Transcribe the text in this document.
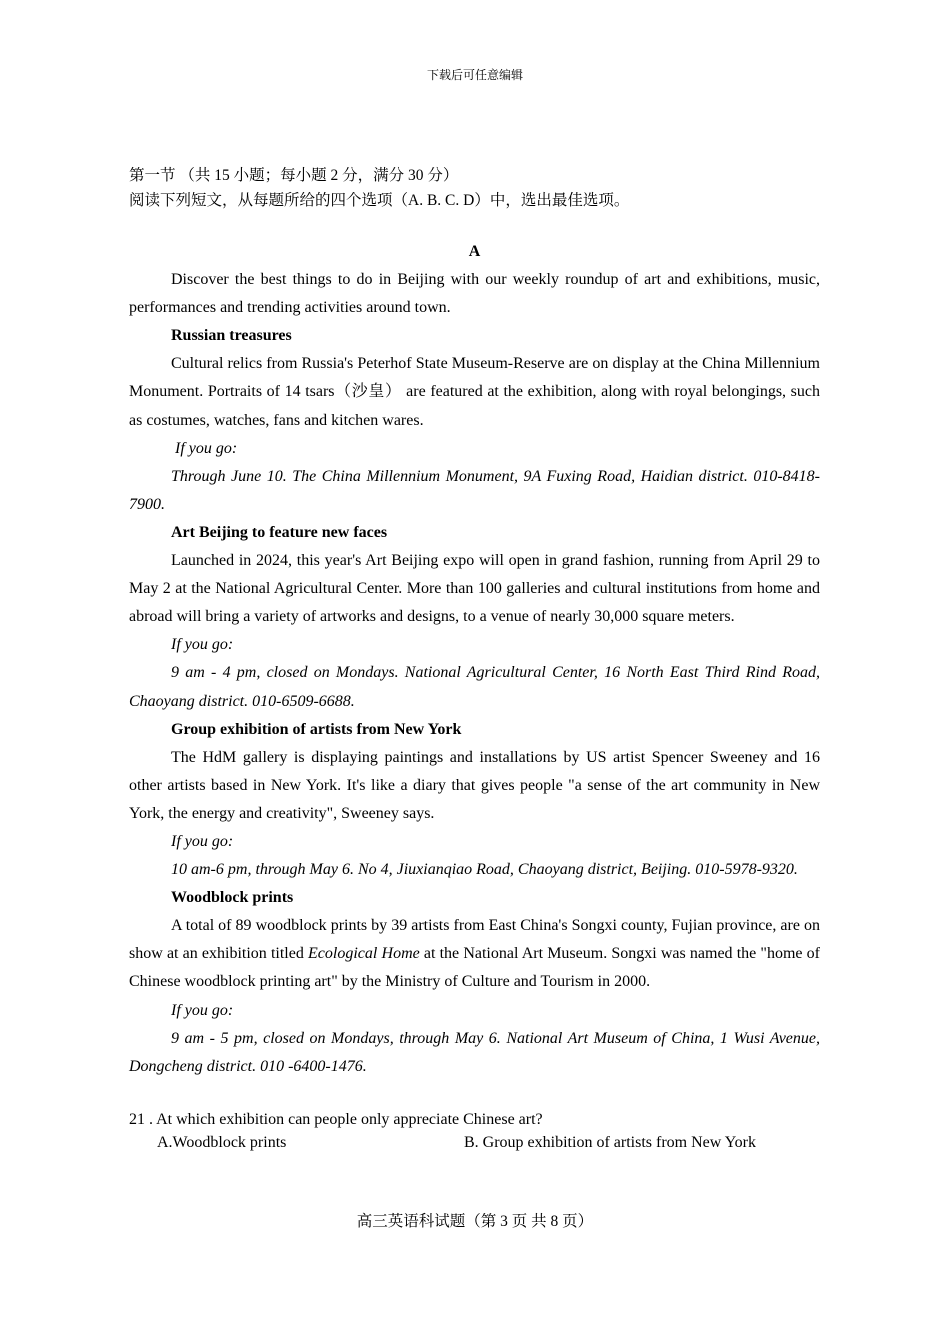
下载后可任意编辑
第一节 （共 15 小题；每小题 2 分，满分 30 分）
阅读下列短文，从每题所给的四个选项（A. B. C. D）中，选出最佳选项。

A

Discover the best things to do in Beijing with our weekly roundup of art and exhibitions, music, performances and trending activities around town.

Russian treasures

Cultural relics from Russia's Peterhof State Museum-Reserve are on display at the China Millennium Monument. Portraits of 14 tsars（沙皇） are featured at the exhibition, along with royal belongings, such as costumes, watches, fans and kitchen wares.

If you go:

Through June 10. The China Millennium Monument, 9A Fuxing Road, Haidian district. 010-8418-7900.

Art Beijing to feature new faces

Launched in 2024, this year's Art Beijing expo will open in grand fashion, running from April 29 to May 2 at the National Agricultural Center. More than 100 galleries and cultural institutions from home and abroad will bring a variety of artworks and designs, to a venue of nearly 30,000 square meters.

If you go:

9 am - 4 pm, closed on Mondays. National Agricultural Center, 16 North East Third Rind Road, Chaoyang district. 010-6509-6688.

Group exhibition of artists from New York

The HdM gallery is displaying paintings and installations by US artist Spencer Sweeney and 16 other artists based in New York. It's like a diary that gives people "a sense of the art community in New York, the energy and creativity", Sweeney says.

If you go:

10 am-6 pm, through May 6. No 4, Jiuxianqiao Road, Chaoyang district, Beijing. 010-5978-9320.

Woodblock prints

A total of 89 woodblock prints by 39 artists from East China's Songxi county, Fujian province, are on show at an exhibition titled Ecological Home at the National Art Museum. Songxi was named the "home of Chinese woodblock printing art" by the Ministry of Culture and Tourism in 2000.

If you go:

9 am - 5 pm, closed on Mondays, through May 6. National Art Museum of China, 1 Wusi Avenue, Dongcheng district. 010 -6400-1476.

21 . At which exhibition can people only appreciate Chinese art?

A.Woodblock prints	B. Group exhibition of artists from New York
高三英语科试题（第 3 页 共 8 页）
